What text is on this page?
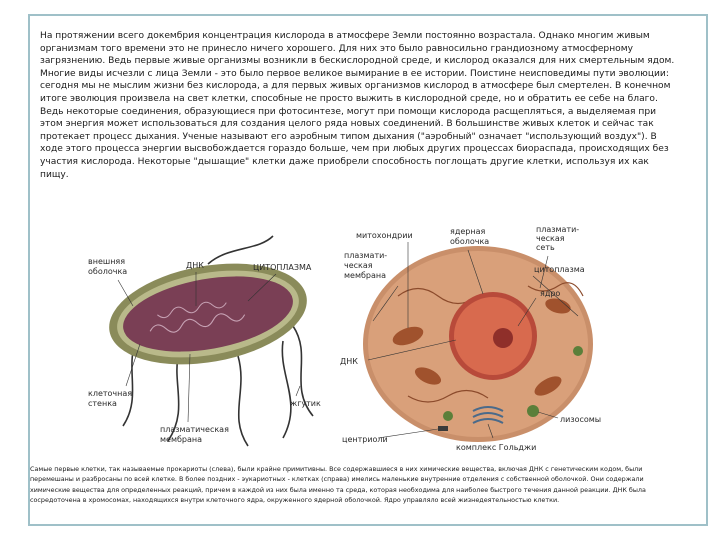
На протяжении всего докембрия концентрация кислорода в атмосфере Земли постоянно возрастала. Однако многим живым организмам того времени это не принесло ничего хорошего. Для них это было равносильно грандиозному атмосферному загрязнению. Ведь первые живые организмы возникли в бескислородной среде, и кислород оказался для них смертельным ядом. Многие виды исчезли с лица Земли - это было первое великое вымирание в ее истории. Поистине неисповедимы пути эволюции: сегодня мы не мыслим жизни без кислорода, а для первых живых организмов кислород в атмосфере был смертелен. В конечном итоге эволюция произвела на свет клетки, способные не просто выжить в кислородной среде, но и обратить ее себе на благо. Ведь некоторые соединения, образующиеся при фотосинтезе, могут при помощи кислорода расщепляться, а выделяемая при этом энергия может использоваться для создания целого ряда новых соединений. В большинстве живых клеток и сейчас так протекает процесс дыхания. Ученые называют его аэробным типом дыхания ("аэробный" означает "использующий воздух"). В ходе этого процесса энергии высвобождается гораздо больше, чем при любых других процессах биораспада, происходящих без участия кислорода. Некоторые "дышащие" клетки даже приобрели способность поглощать другие клетки, используя их как пищу.
внешняя
оболочка
ДНК	ЦИТОПЛАЗМА
клеточная
стенка	жгутик
плазматическая
мембрана
митохондрии	ядерная
оболочка
плазмати-
ческая
сеть
плазмати-
ческая
мембрана
цитоплазма
ядро
ДНК
лизосомы
центриоли
комплекс Гольджи
Самые первые клетки, так называемые прокариоты (слева), были крайне примитивны. Все содержавшиеся в них химические вещества, включая ДНК с генетическим кодом, были перемешаны и разбросаны по всей клетке. В более поздних - эукариотных - клетках (справа) имелись маленькие внутренние отделения с собственной оболочкой. Они содержали химические вещества для определенных реакций, причем в каждой из них была именно та среда, которая необходима для наиболее быстрого течения данной реакции. ДНК была сосредоточена в хромосомах, находящихся внутри клеточного ядра, окруженного ядерной оболочкой. Ядро управляло всей жизнедеятельностью клетки.
